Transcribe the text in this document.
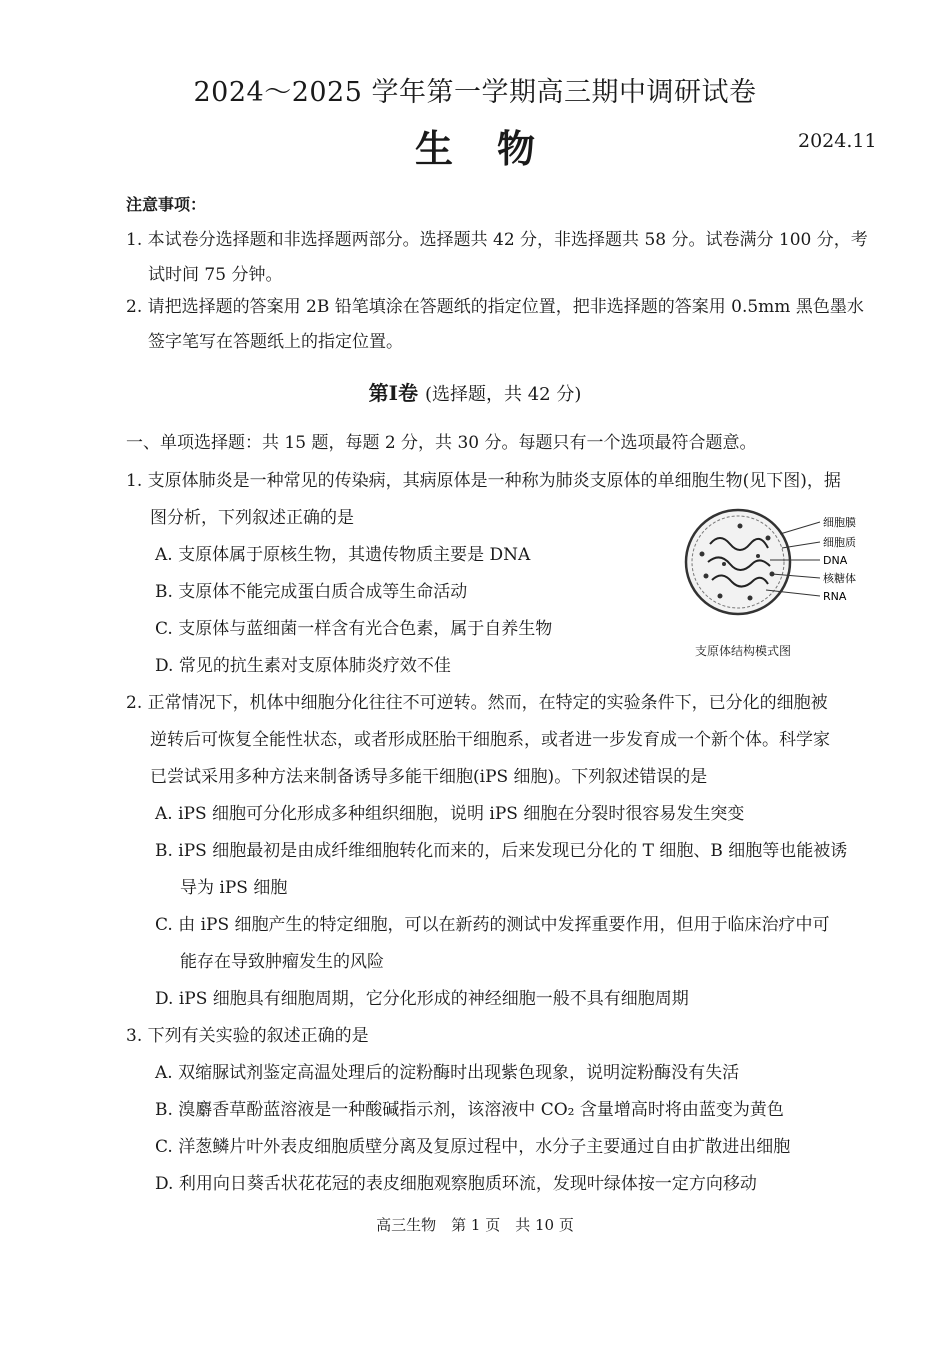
2024～2025 学年第一学期高三期中调研试卷
生物	2024.11
注意事项：
1. 本试卷分选择题和非选择题两部分。选择题共 42 分，非选择题共 58 分。试卷满分 100 分，考
试时间 75 分钟。
2. 请把选择题的答案用 2B 铅笔填涂在答题纸的指定位置，把非选择题的答案用 0.5mm 黑色墨水
签字笔写在答题纸上的指定位置。
第Ⅰ卷 (选择题，共 42 分)
一、单项选择题：共 15 题，每题 2 分，共 30 分。每题只有一个选项最符合题意。
1. 支原体肺炎是一种常见的传染病，其病原体是一种称为肺炎支原体的单细胞生物(见下图)，据
图分析，下列叙述正确的是
A. 支原体属于原核生物，其遗传物质主要是 DNA
B. 支原体不能完成蛋白质合成等生命活动
C. 支原体与蓝细菌一样含有光合色素，属于自养生物
D. 常见的抗生素对支原体肺炎疗效不佳
细胞膜
细胞质
DNA
核糖体
RNA
支原体结构模式图
2. 正常情况下，机体中细胞分化往往不可逆转。然而，在特定的实验条件下，已分化的细胞被
逆转后可恢复全能性状态，或者形成胚胎干细胞系，或者进一步发育成一个新个体。科学家
已尝试采用多种方法来制备诱导多能干细胞(iPS 细胞)。下列叙述错误的是
A. iPS 细胞可分化形成多种组织细胞，说明 iPS 细胞在分裂时很容易发生突变
B. iPS 细胞最初是由成纤维细胞转化而来的，后来发现已分化的 T 细胞、B 细胞等也能被诱
导为 iPS 细胞
C. 由 iPS 细胞产生的特定细胞，可以在新药的测试中发挥重要作用，但用于临床治疗中可
能存在导致肿瘤发生的风险
D. iPS 细胞具有细胞周期，它分化形成的神经细胞一般不具有细胞周期
3. 下列有关实验的叙述正确的是
A. 双缩脲试剂鉴定高温处理后的淀粉酶时出现紫色现象，说明淀粉酶没有失活
B. 溴麝香草酚蓝溶液是一种酸碱指示剂，该溶液中 CO₂ 含量增高时将由蓝变为黄色
C. 洋葱鳞片叶外表皮细胞质壁分离及复原过程中，水分子主要通过自由扩散进出细胞
D. 利用向日葵舌状花花冠的表皮细胞观察胞质环流，发现叶绿体按一定方向移动
高三生物　第 1 页　共 10 页
